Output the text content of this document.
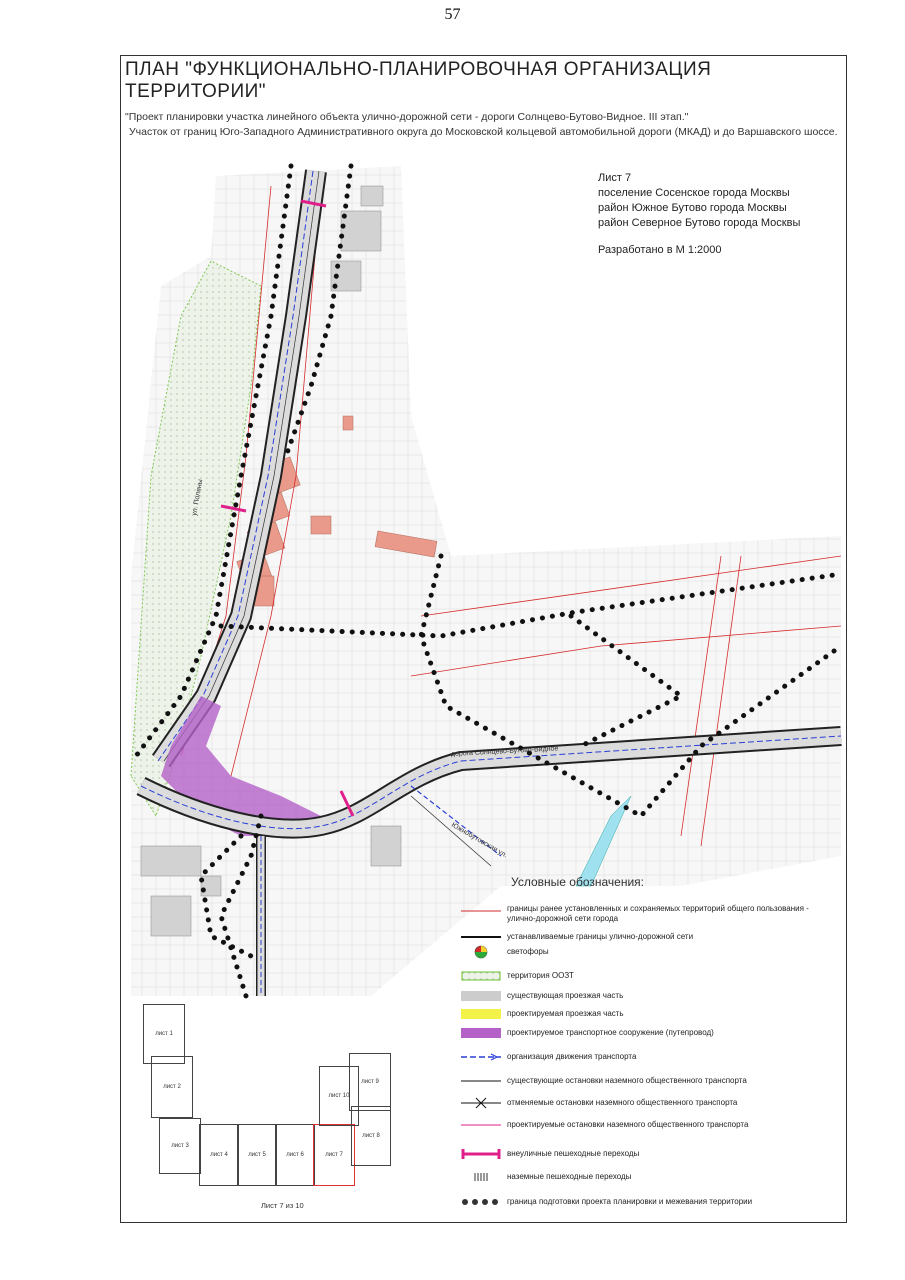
57
ПЛАН "ФУНКЦИОНАЛЬНО-ПЛАНИРОВОЧНАЯ ОРГАНИЗАЦИЯ ТЕРРИТОРИИ"
"Проект планировки участка линейного объекта улично-дорожной сети - дороги Солнцево-Бутово-Видное. III этап."
Участок от границ Юго-Западного Административного округа до Московской кольцевой автомобильной дороги (МКАД) и до Варшавского шоссе.
ул. Поляны
дорога Солнцево-Бутово-Видное
Южнобутовская ул.
Лист 7
поселение Сосенское города Москвы
район Южное Бутово города Москвы
район Северное Бутово города Москвы
Разработано в М 1:2000
Условные обозначения:
границы ранее установленных и сохраняемых территорий общего пользования - улично-дорожной сети города
устанавливаемые границы улично-дорожной сети
светофоры
территория ООЗТ
существующая проезжая часть
проектируемая проезжая часть
проектируемое транспортное сооружение (путепровод)
организация движения транспорта
существующие остановки наземного общественного транспорта
отменяемые остановки наземного общественного транспорта
проектируемые остановки наземного общественного транспорта
внеуличные пешеходные переходы
наземные пешеходные переходы
граница подготовки проекта планировки и межевания территории
лист 1
лист 2
лист 3
лист 4	лист 5	лист 6	лист 7
лист 8
лист 9
лист 10
Лист 7 из 10
